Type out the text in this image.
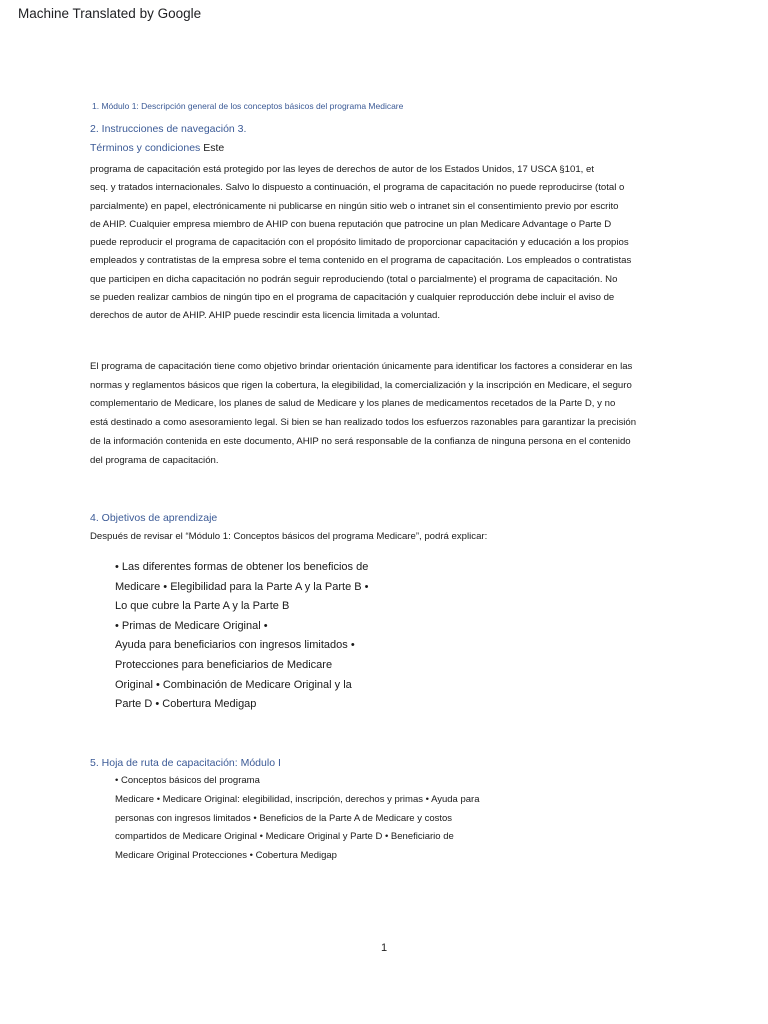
Machine Translated by Google
1. Módulo 1: Descripción general de los conceptos básicos del programa Medicare
2. Instrucciones de navegación 3.
Términos y condiciones Este
programa de capacitación está protegido por las leyes de derechos de autor de los Estados Unidos, 17 USCA §101, et
seq. y tratados internacionales. Salvo lo dispuesto a continuación, el programa de capacitación no puede reproducirse (total o
parcialmente) en papel, electrónicamente ni publicarse en ningún sitio web o intranet sin el consentimiento previo por escrito
de AHIP. Cualquier empresa miembro de AHIP con buena reputación que patrocine un plan Medicare Advantage o Parte D
puede reproducir el programa de capacitación con el propósito limitado de proporcionar capacitación y educación a los propios
empleados y contratistas de la empresa sobre el tema contenido en el programa de capacitación. Los empleados o contratistas
que participen en dicha capacitación no podrán seguir reproduciendo (total o parcialmente) el programa de capacitación. No
se pueden realizar cambios de ningún tipo en el programa de capacitación y cualquier reproducción debe incluir el aviso de
derechos de autor de AHIP. AHIP puede rescindir esta licencia limitada a voluntad.
El programa de capacitación tiene como objetivo brindar orientación únicamente para identificar los factores a considerar en las
normas y reglamentos básicos que rigen la cobertura, la elegibilidad, la comercialización y la inscripción en Medicare, el seguro
complementario de Medicare, los planes de salud de Medicare y los planes de medicamentos recetados de la Parte D, y no
está destinado a como asesoramiento legal. Si bien se han realizado todos los esfuerzos razonables para garantizar la precisión
de la información contenida en este documento, AHIP no será responsable de la confianza de ninguna persona en el contenido
del programa de capacitación.
4. Objetivos de aprendizaje
Después de revisar el “Módulo 1: Conceptos básicos del programa Medicare”, podrá explicar:
• Las diferentes formas de obtener los beneficios de
Medicare • Elegibilidad para la Parte A y la Parte B •
Lo que cubre la Parte A y la Parte B
• Primas de Medicare Original •
Ayuda para beneficiarios con ingresos limitados •
Protecciones para beneficiarios de Medicare
Original • Combinación de Medicare Original y la
Parte D • Cobertura Medigap
5. Hoja de ruta de capacitación: Módulo I
• Conceptos básicos del programa
Medicare • Medicare Original: elegibilidad, inscripción, derechos y primas • Ayuda para
personas con ingresos limitados • Beneficios de la Parte A de Medicare y costos
compartidos de Medicare Original • Medicare Original y Parte D • Beneficiario de
Medicare Original Protecciones • Cobertura Medigap
1
